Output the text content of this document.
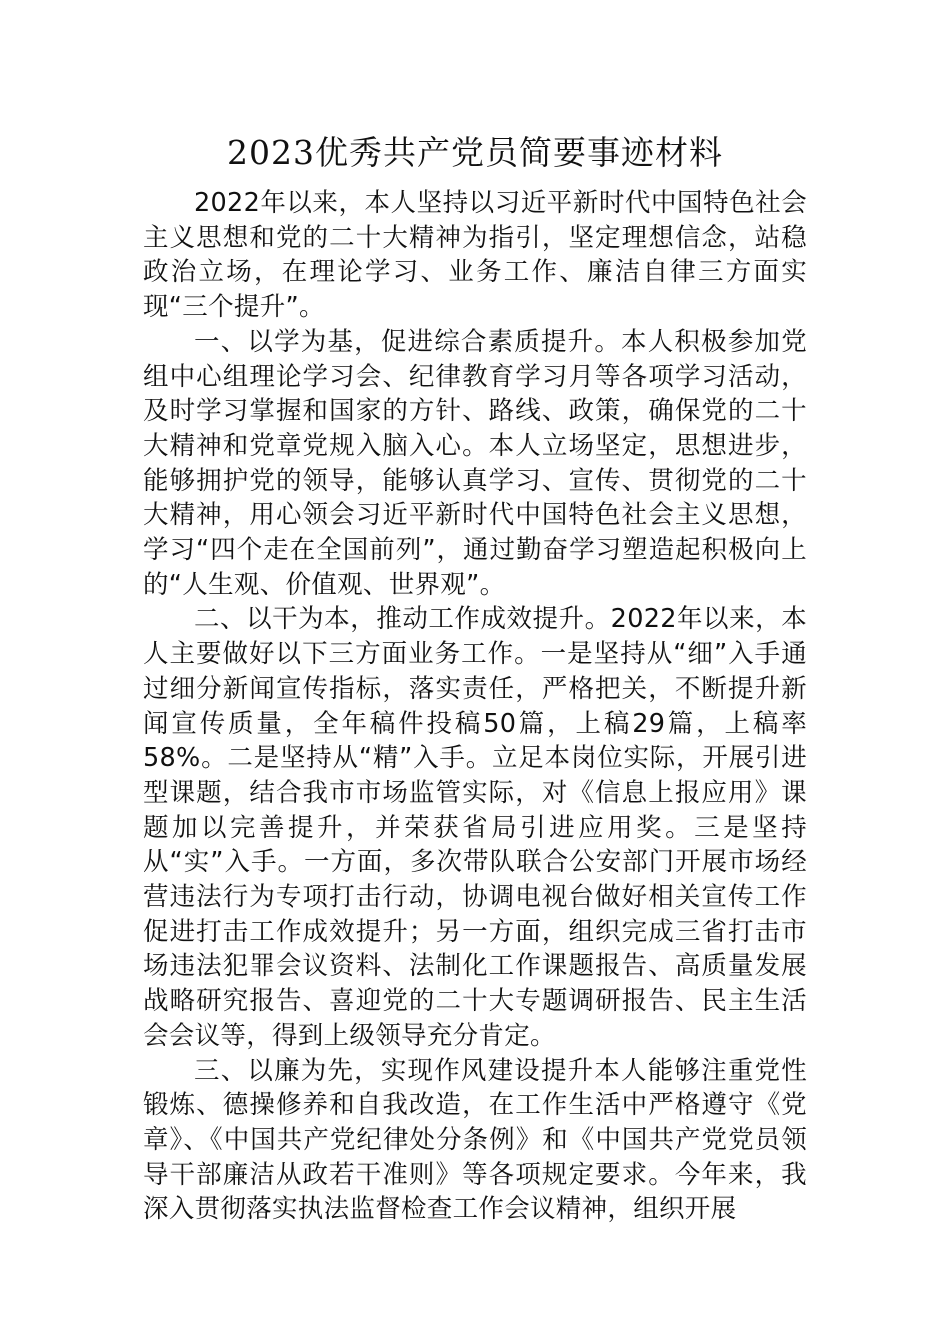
2023优秀共产党员简要事迹材料

2022年以来，本人坚持以习近平新时代中国特色社会主义思想和党的二十大精神为指引，坚定理想信念，站稳政治立场，在理论学习、业务工作、廉洁自律三方面实现“三个提升”。

一、以学为基，促进综合素质提升。本人积极参加党组中心组理论学习会、纪律教育学习月等各项学习活动，及时学习掌握和国家的方针、路线、政策，确保党的二十大精神和党章党规入脑入心。本人立场坚定，思想进步，能够拥护党的领导，能够认真学习、宣传、贯彻党的二十大精神，用心领会习近平新时代中国特色社会主义思想，学习“四个走在全国前列”，通过勤奋学习塑造起积极向上的“人生观、价值观、世界观”。

二、以干为本，推动工作成效提升。2022年以来，本人主要做好以下三方面业务工作。一是坚持从“细”入手通过细分新闻宣传指标，落实责任，严格把关，不断提升新闻宣传质量，全年稿件投稿50篇，上稿29篇，上稿率58%。二是坚持从“精”入手。立足本岗位实际，开展引进型课题，结合我市市场监管实际，对《信息上报应用》课题加以完善提升，并荣获省局引进应用奖。三是坚持从“实”入手。一方面，多次带队联合公安部门开展市场经营违法行为专项打击行动，协调电视台做好相关宣传工作促进打击工作成效提升；另一方面，组织完成三省打击市场违法犯罪会议资料、法制化工作课题报告、高质量发展战略研究报告、喜迎党的二十大专题调研报告、民主生活会会议等，得到上级领导充分肯定。

三、以廉为先，实现作风建设提升本人能够注重党性锻炼、德操修养和自我改造，在工作生活中严格遵守《党章》、《中国共产党纪律处分条例》和《中国共产党党员领导干部廉洁从政若干准则》等各项规定要求。今年来，我深入贯彻落实执法监督检查工作会议精神，组织开展
